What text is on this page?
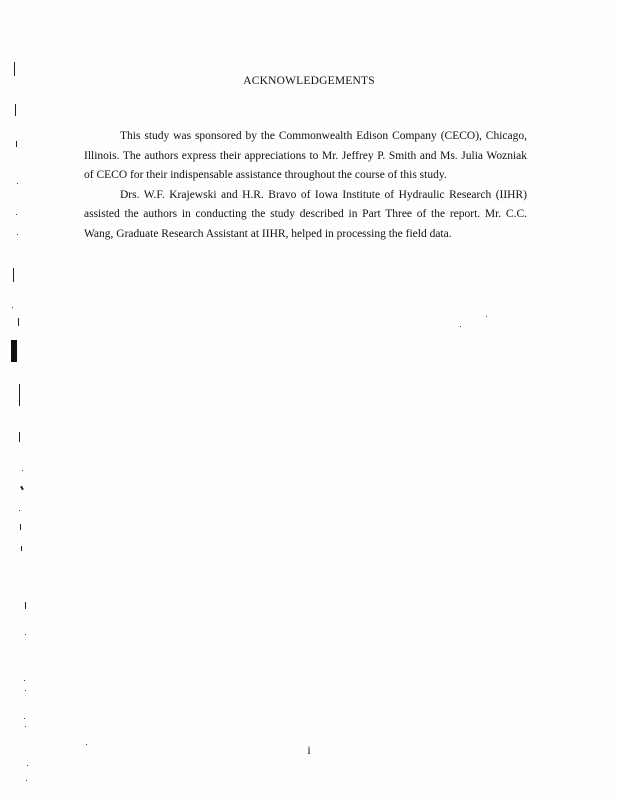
ACKNOWLEDGEMENTS

This study was sponsored by the Commonwealth Edison Company (CECO), Chicago, Illinois. The authors express their appreciations to Mr. Jeffrey P. Smith and Ms. Julia Wozniak of CECO for their indispensable assistance throughout the course of this study.

Drs. W.F. Krajewski and H.R. Bravo of Iowa Institute of Hydraulic Research (IIHR) assisted the authors in conducting the study described in Part Three of the report. Mr. C.C. Wang, Graduate Research Assistant at IIHR, helped in processing the field data.

i
